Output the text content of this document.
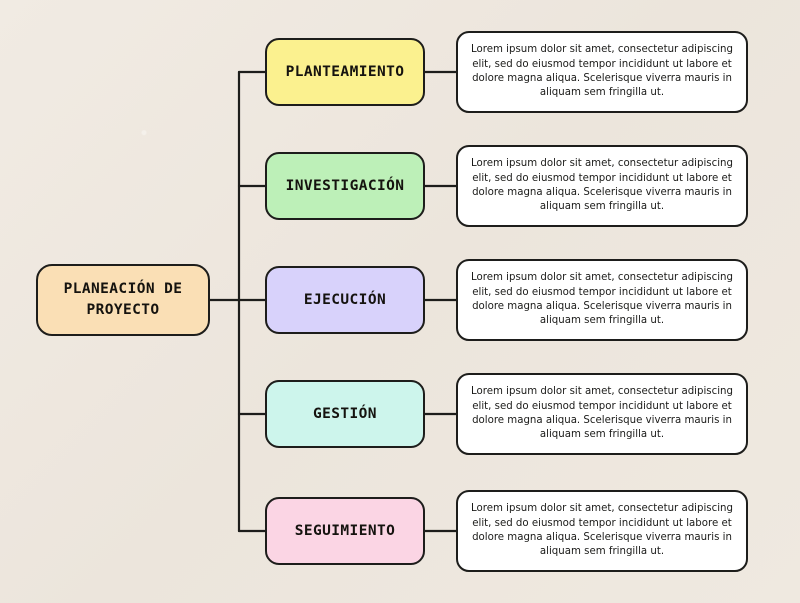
PLANEACIÓN DE PROYECTO
PLANTEAMIENTO
Lorem ipsum dolor sit amet, consectetur adipiscing elit, sed do eiusmod tempor incididunt ut labore et dolore magna aliqua. Scelerisque viverra mauris in aliquam sem fringilla ut.
INVESTIGACIÓN
Lorem ipsum dolor sit amet, consectetur adipiscing elit, sed do eiusmod tempor incididunt ut labore et dolore magna aliqua. Scelerisque viverra mauris in aliquam sem fringilla ut.
EJECUCIÓN
Lorem ipsum dolor sit amet, consectetur adipiscing elit, sed do eiusmod tempor incididunt ut labore et dolore magna aliqua. Scelerisque viverra mauris in aliquam sem fringilla ut.
GESTIÓN
Lorem ipsum dolor sit amet, consectetur adipiscing elit, sed do eiusmod tempor incididunt ut labore et dolore magna aliqua. Scelerisque viverra mauris in aliquam sem fringilla ut.
SEGUIMIENTO
Lorem ipsum dolor sit amet, consectetur adipiscing elit, sed do eiusmod tempor incididunt ut labore et dolore magna aliqua. Scelerisque viverra mauris in aliquam sem fringilla ut.
